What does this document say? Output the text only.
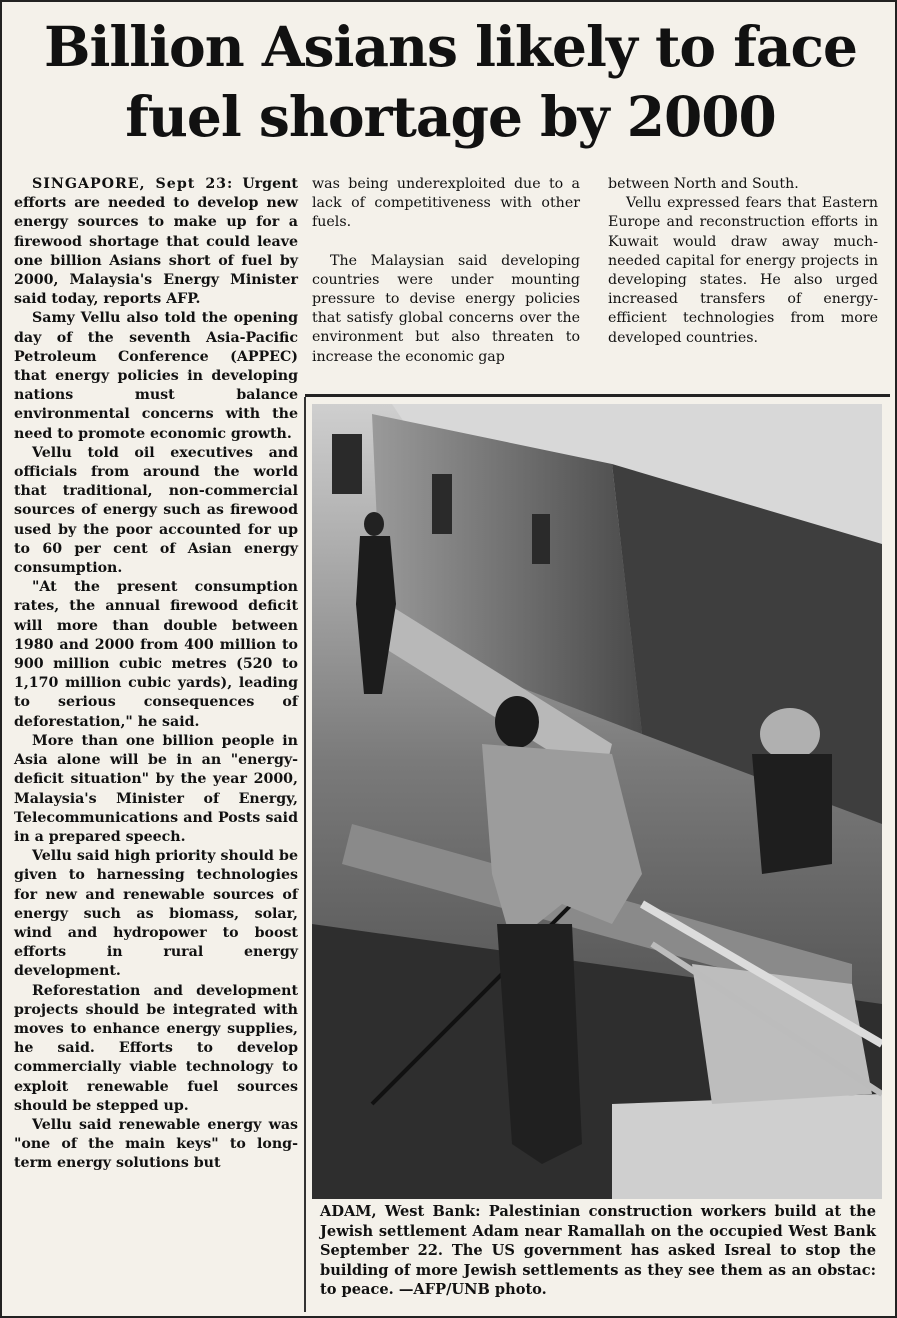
Billion Asians likely to face
fuel shortage by 2000

SINGAPORE, Sept 23: Urgent efforts are needed to develop new energy sources to make up for a firewood shortage that could leave one billion Asians short of fuel by 2000, Malaysia's Energy Minister said today, reports AFP.

Samy Vellu also told the opening day of the seventh Asia-Pacific Petroleum Conference (APPEC) that energy policies in developing nations must balance environmental concerns with the need to promote economic growth.

Vellu told oil executives and officials from around the world that traditional, non-commercial sources of energy such as firewood used by the poor accounted for up to 60 per cent of Asian energy consumption.

"At the present consumption rates, the annual firewood deficit will more than double between 1980 and 2000 from 400 million to 900 million cubic metres (520 to 1,170 million cubic yards), leading to serious consequences of deforestation," he said.

More than one billion people in Asia alone will be in an "energy-deficit situation" by the year 2000, Malaysia's Minister of Energy, Telecommunications and Posts said in a prepared speech.

Vellu said high priority should be given to harnessing technologies for new and renewable sources of energy such as biomass, solar, wind and hydropower to boost efforts in rural energy development.

Reforestation and development projects should be integrated with moves to enhance energy supplies, he said. Efforts to develop commercially viable technology to exploit renewable fuel sources should be stepped up.

Vellu said renewable energy was "one of the main keys" to long-term energy solutions but

was being underexploited due to a lack of competitiveness with other fuels.

The Malaysian said developing countries were under mounting pressure to devise energy policies that satisfy global concerns over the environment but also threaten to increase the economic gap

between North and South.

Vellu expressed fears that Eastern Europe and reconstruction efforts in Kuwait would draw away much-needed capital for energy projects in developing states. He also urged increased transfers of energy-efficient technologies from more developed countries.

ADAM, West Bank: Palestinian construction workers build at the Jewish settlement Adam near Ramallah on the occupied West Bank September 22. The US government has asked Isreal to stop the building of more Jewish settlements as they see them as an obstac: to peace. —AFP/UNB photo.
